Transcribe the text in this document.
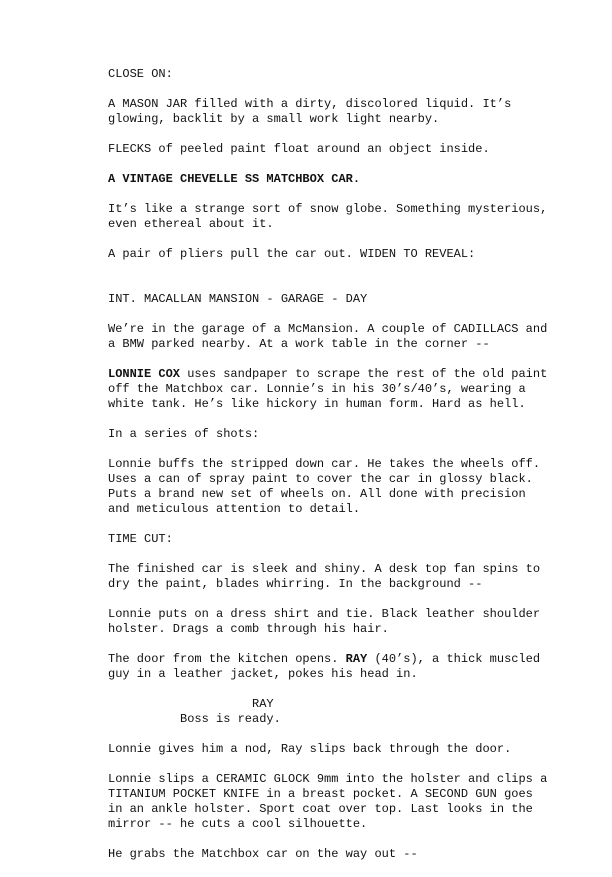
CLOSE ON:

A MASON JAR filled with a dirty, discolored liquid. It’s
glowing, backlit by a small work light nearby.

FLECKS of peeled paint float around an object inside.

A VINTAGE CHEVELLE SS MATCHBOX CAR.

It’s like a strange sort of snow globe. Something mysterious,
even ethereal about it.

A pair of pliers pull the car out. WIDEN TO REVEAL:

INT. MACALLAN MANSION - GARAGE - DAY

We’re in the garage of a McMansion. A couple of CADILLACS and
a BMW parked nearby. At a work table in the corner --

LONNIE COX uses sandpaper to scrape the rest of the old paint
off the Matchbox car. Lonnie’s in his 30’s/40’s, wearing a
white tank. He’s like hickory in human form. Hard as hell.

In a series of shots:

Lonnie buffs the stripped down car. He takes the wheels off.
Uses a can of spray paint to cover the car in glossy black.
Puts a brand new set of wheels on. All done with precision
and meticulous attention to detail.

TIME CUT:

The finished car is sleek and shiny. A desk top fan spins to
dry the paint, blades whirring. In the background --

Lonnie puts on a dress shirt and tie. Black leather shoulder
holster. Drags a comb through his hair.

The door from the kitchen opens. RAY (40’s), a thick muscled
guy in a leather jacket, pokes his head in.

RAY
Boss is ready.

Lonnie gives him a nod, Ray slips back through the door.

Lonnie slips a CERAMIC GLOCK 9mm into the holster and clips a
TITANIUM POCKET KNIFE in a breast pocket. A SECOND GUN goes
in an ankle holster. Sport coat over top. Last looks in the
mirror -- he cuts a cool silhouette.

He grabs the Matchbox car on the way out --
